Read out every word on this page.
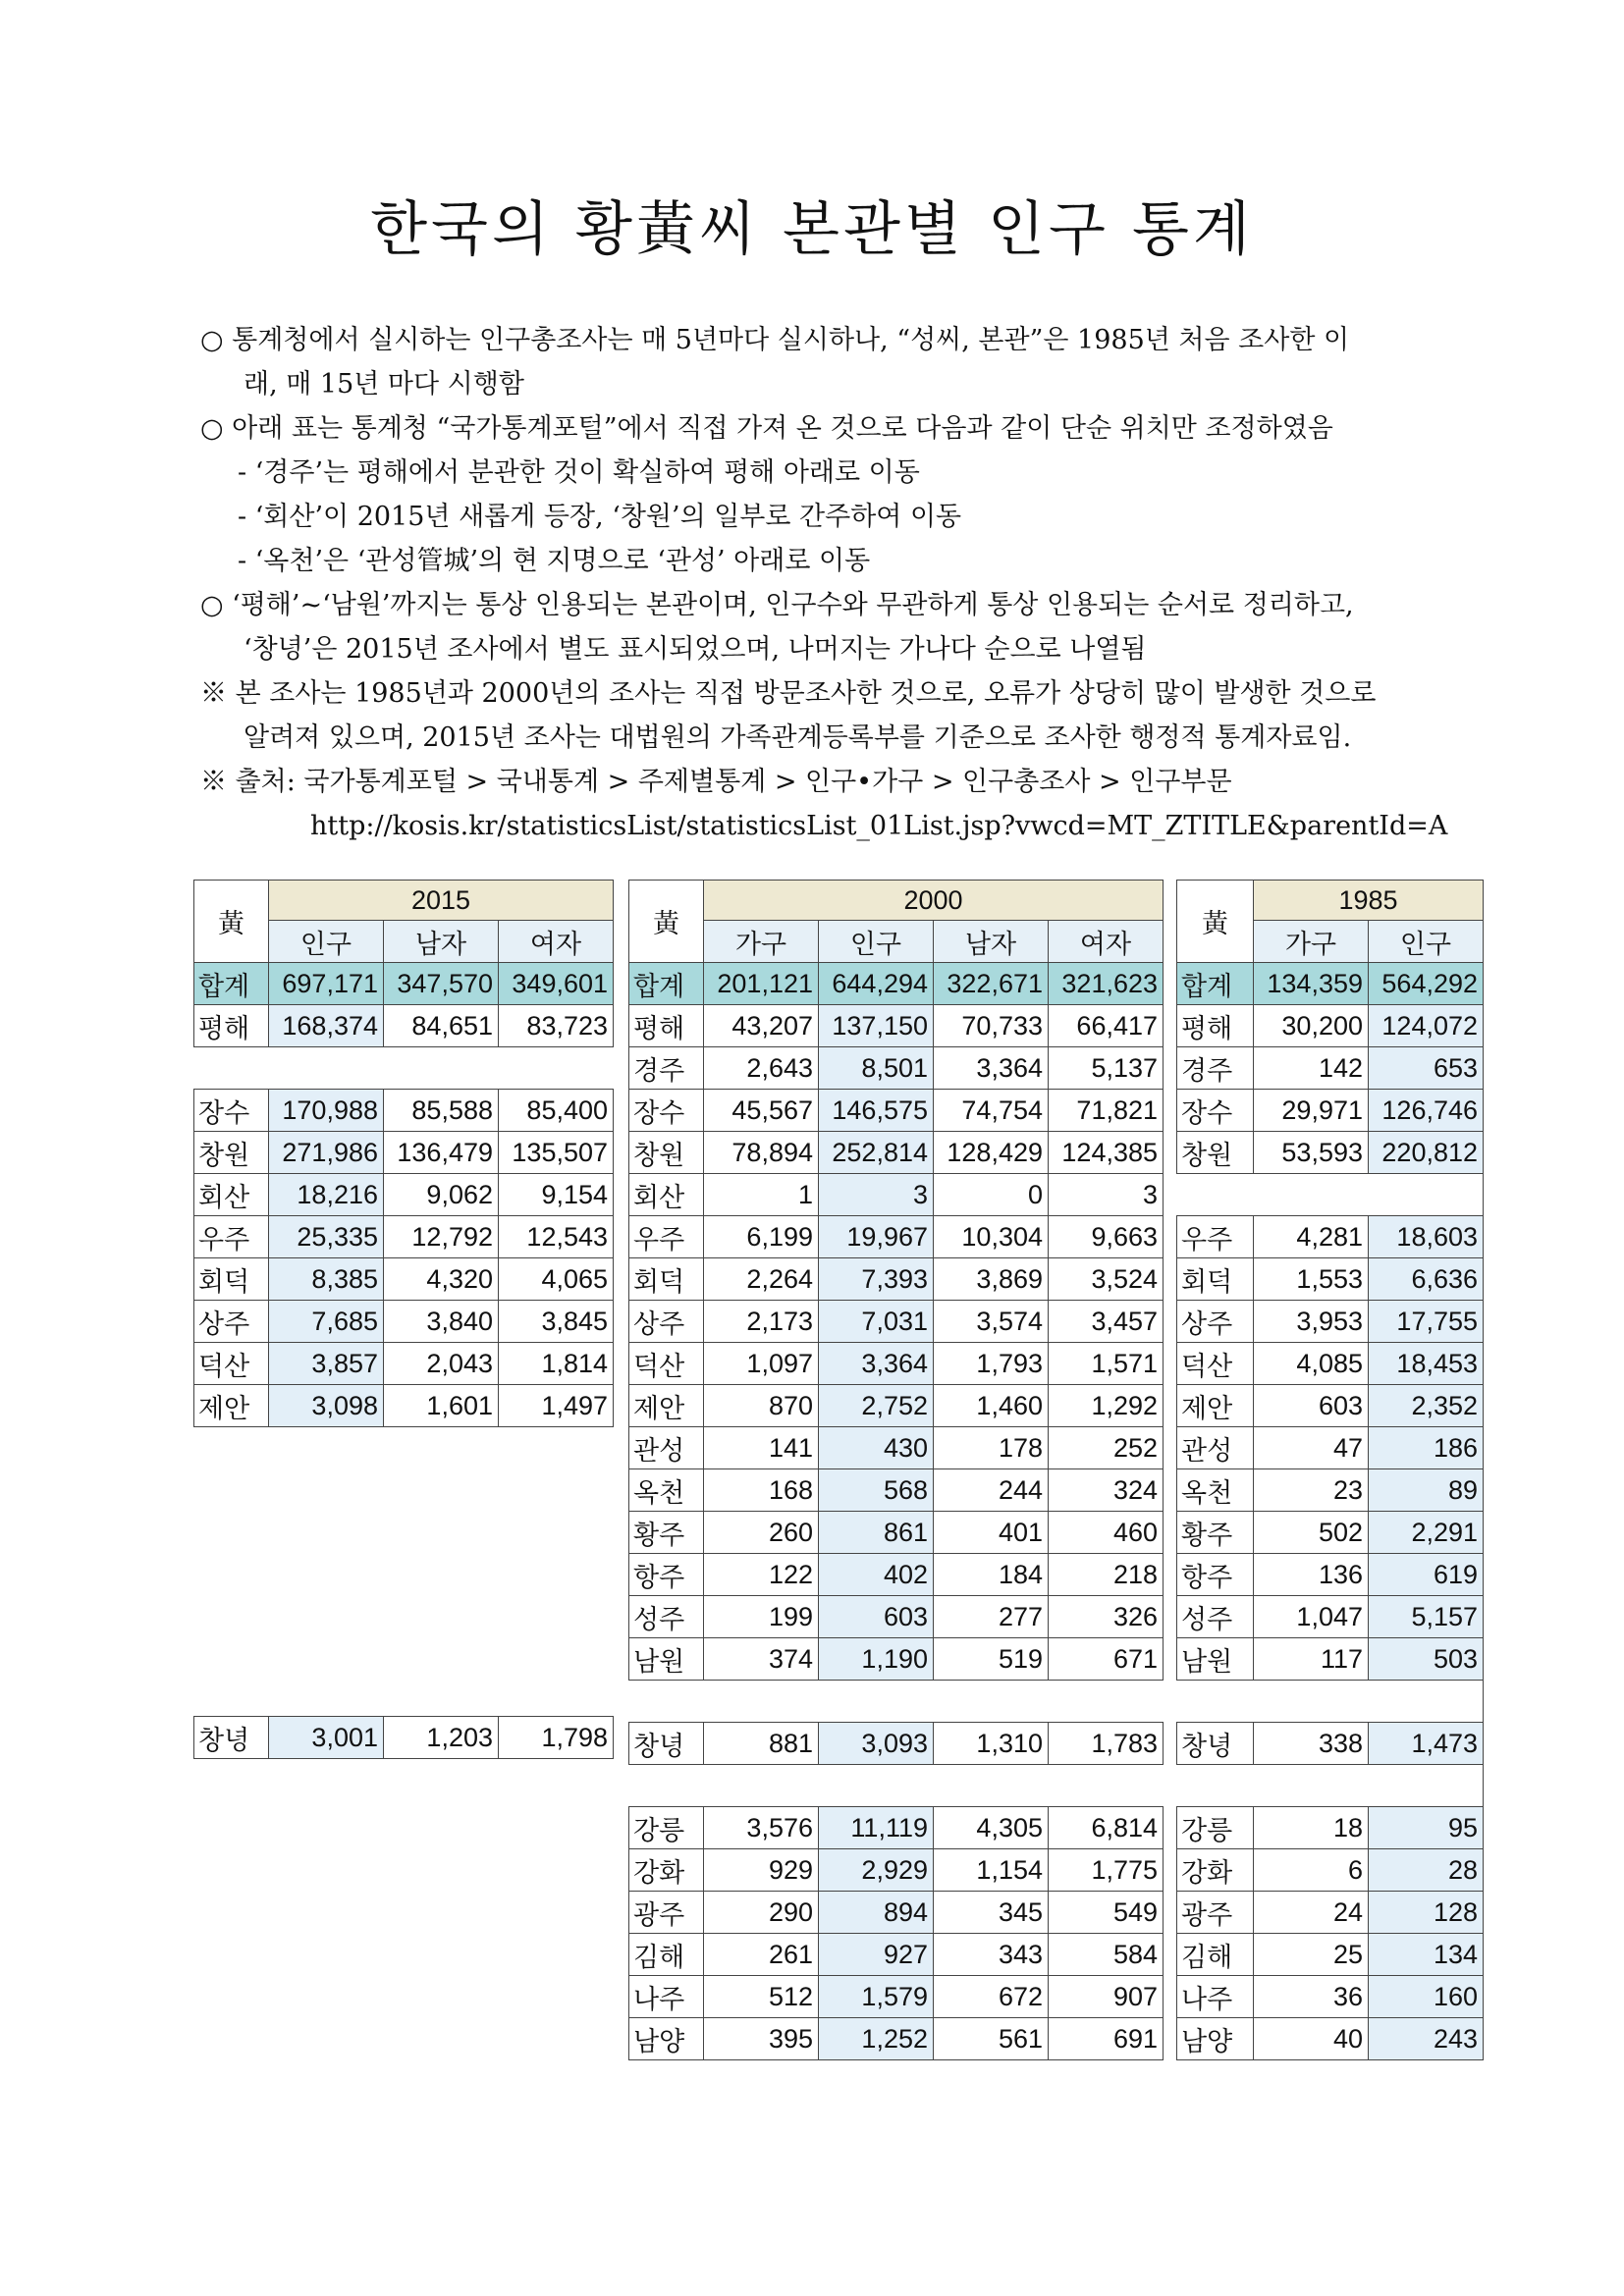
한국의 황黃씨 본관별 인구 통계
○ 통계청에서 실시하는 인구총조사는 매 5년마다 실시하나, “성씨, 본관”은 1985년 처음 조사한 이
래, 매 15년 마다 시행함
○ 아래 표는 통계청 “국가통계포털”에서 직접 가져 온 것으로 다음과 같이 단순 위치만 조정하였음
- ‘경주’는 평해에서 분관한 것이 확실하여 평해 아래로 이동
- ‘회산’이 2015년 새롭게 등장, ‘창원’의 일부로 간주하여 이동
- ‘옥천’은 ‘관성管城’의 현 지명으로 ‘관성’ 아래로 이동
○ ‘평해’~‘남원’까지는 통상 인용되는 본관이며, 인구수와 무관하게 통상 인용되는 순서로 정리하고,
‘창녕’은 2015년 조사에서 별도 표시되었으며, 나머지는 가나다 순으로 나열됨
※ 본 조사는 1985년과 2000년의 조사는 직접 방문조사한 것으로, 오류가 상당히 많이 발생한 것으로
알려져 있으며, 2015년 조사는 대법원의 가족관계등록부를 기준으로 조사한 행정적 통계자료임.
※ 출처: 국가통계포털 > 국내통계 > 주제별통계 > 인구•가구 > 인구총조사 > 인구부문
http://kosis.kr/statisticsList/statisticsList_01List.jsp?vwcd=MT_ZTITLE&parentId=A
黃	2015		
	인구	남자	여자
합계	697,171	347,570	349,601
평해	168,374	84,651	83,723

장수	170,988	85,588	85,400
창원	271,986	136,479	135,507
회산	18,216	9,062	9,154
우주	25,335	12,792	12,543
회덕	8,385	4,320	4,065
상주	7,685	3,840	3,845
덕산	3,857	2,043	1,814
제안	3,098	1,601	1,497

창녕	3,001	1,203	1,798

黃	2000			
	가구	인구	남자	여자
합계	201,121	644,294	322,671	321,623
평해	43,207	137,150	70,733	66,417
경주	2,643	8,501	3,364	5,137
장수	45,567	146,575	74,754	71,821
창원	78,894	252,814	128,429	124,385
회산	1	3	0	3
우주	6,199	19,967	10,304	9,663
회덕	2,264	7,393	3,869	3,524
상주	2,173	7,031	3,574	3,457
덕산	1,097	3,364	1,793	1,571
제안	870	2,752	1,460	1,292
관성	141	430	178	252
옥천	168	568	244	324
황주	260	861	401	460
항주	122	402	184	218
성주	199	603	277	326
남원	374	1,190	519	671

창녕	881	3,093	1,310	1,783

강릉	3,576	11,119	4,305	6,814
강화	929	2,929	1,154	1,775
광주	290	894	345	549
김해	261	927	343	584
나주	512	1,579	672	907
남양	395	1,252	561	691
黃	1985	
	가구	인구
합계	134,359	564,292
평해	30,200	124,072
경주	142	653
장수	29,971	126,746
창원	53,593	220,812

우주	4,281	18,603
회덕	1,553	6,636
상주	3,953	17,755
덕산	4,085	18,453
제안	603	2,352
관성	47	186
옥천	23	89
황주	502	2,291
항주	136	619
성주	1,047	5,157
남원	117	503

창녕	338	1,473

강릉	18	95
강화	6	28
광주	24	128
김해	25	134
나주	36	160
남양	40	243
